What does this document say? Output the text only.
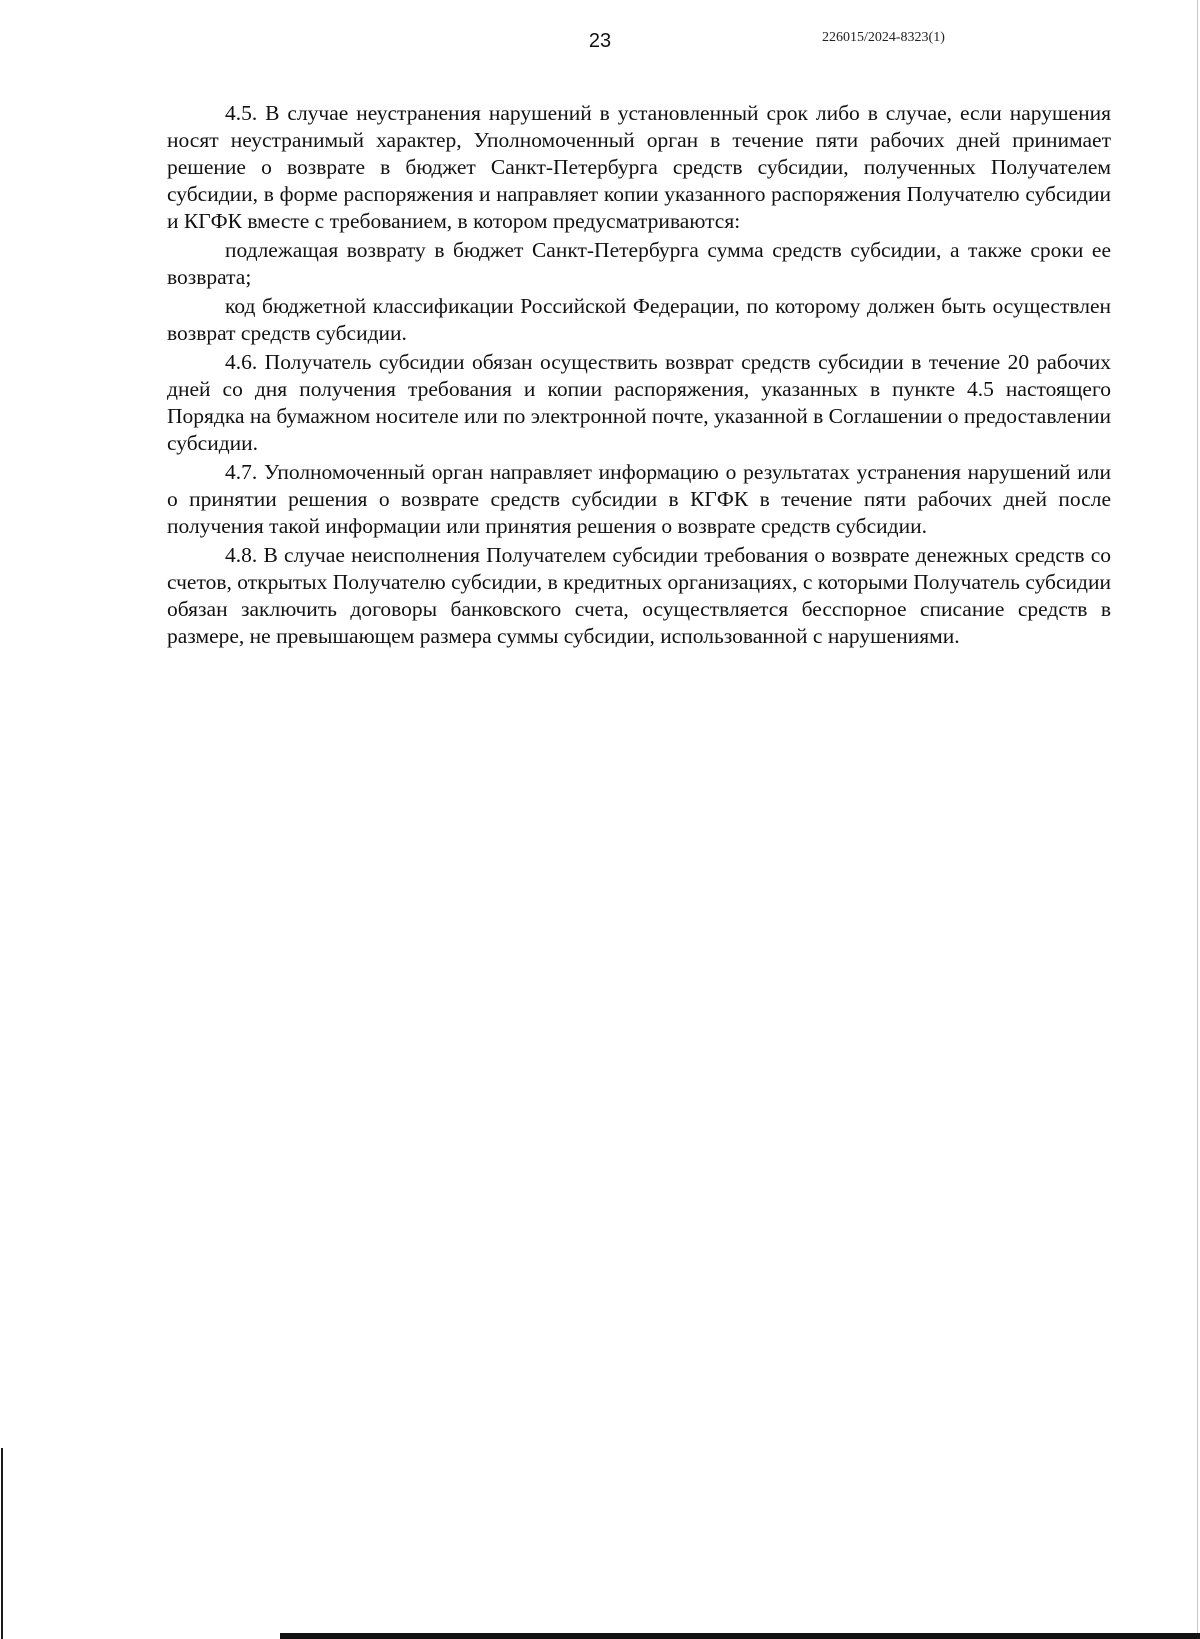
23	226015/2024-8323(1)

4.5. В случае неустранения нарушений в установленный срок либо в случае, если нарушения носят неустранимый характер, Уполномоченный орган в течение пяти рабочих дней принимает решение о возврате в бюджет Санкт-Петербурга средств субсидии, полученных Получателем субсидии, в форме распоряжения и направляет копии указанного распоряжения Получателю субсидии и КГФК вместе с требованием, в котором предусматриваются:

подлежащая возврату в бюджет Санкт-Петербурга сумма средств субсидии, а также сроки ее возврата;

код бюджетной классификации Российской Федерации, по которому должен быть осуществлен возврат средств субсидии.

4.6. Получатель субсидии обязан осуществить возврат средств субсидии в течение 20 рабочих дней со дня получения требования и копии распоряжения, указанных в пункте 4.5 настоящего Порядка на бумажном носителе или по электронной почте, указанной в Соглашении о предоставлении субсидии.

4.7. Уполномоченный орган направляет информацию о результатах устранения нарушений или о принятии решения о возврате средств субсидии в КГФК в течение пяти рабочих дней после получения такой информации или принятия решения о возврате средств субсидии.

4.8. В случае неисполнения Получателем субсидии требования о возврате денежных средств со счетов, открытых Получателю субсидии, в кредитных организациях, с которыми Получатель субсидии обязан заключить договоры банковского счета, осуществляется бесспорное списание средств в размере, не превышающем размера суммы субсидии, использованной с нарушениями.
